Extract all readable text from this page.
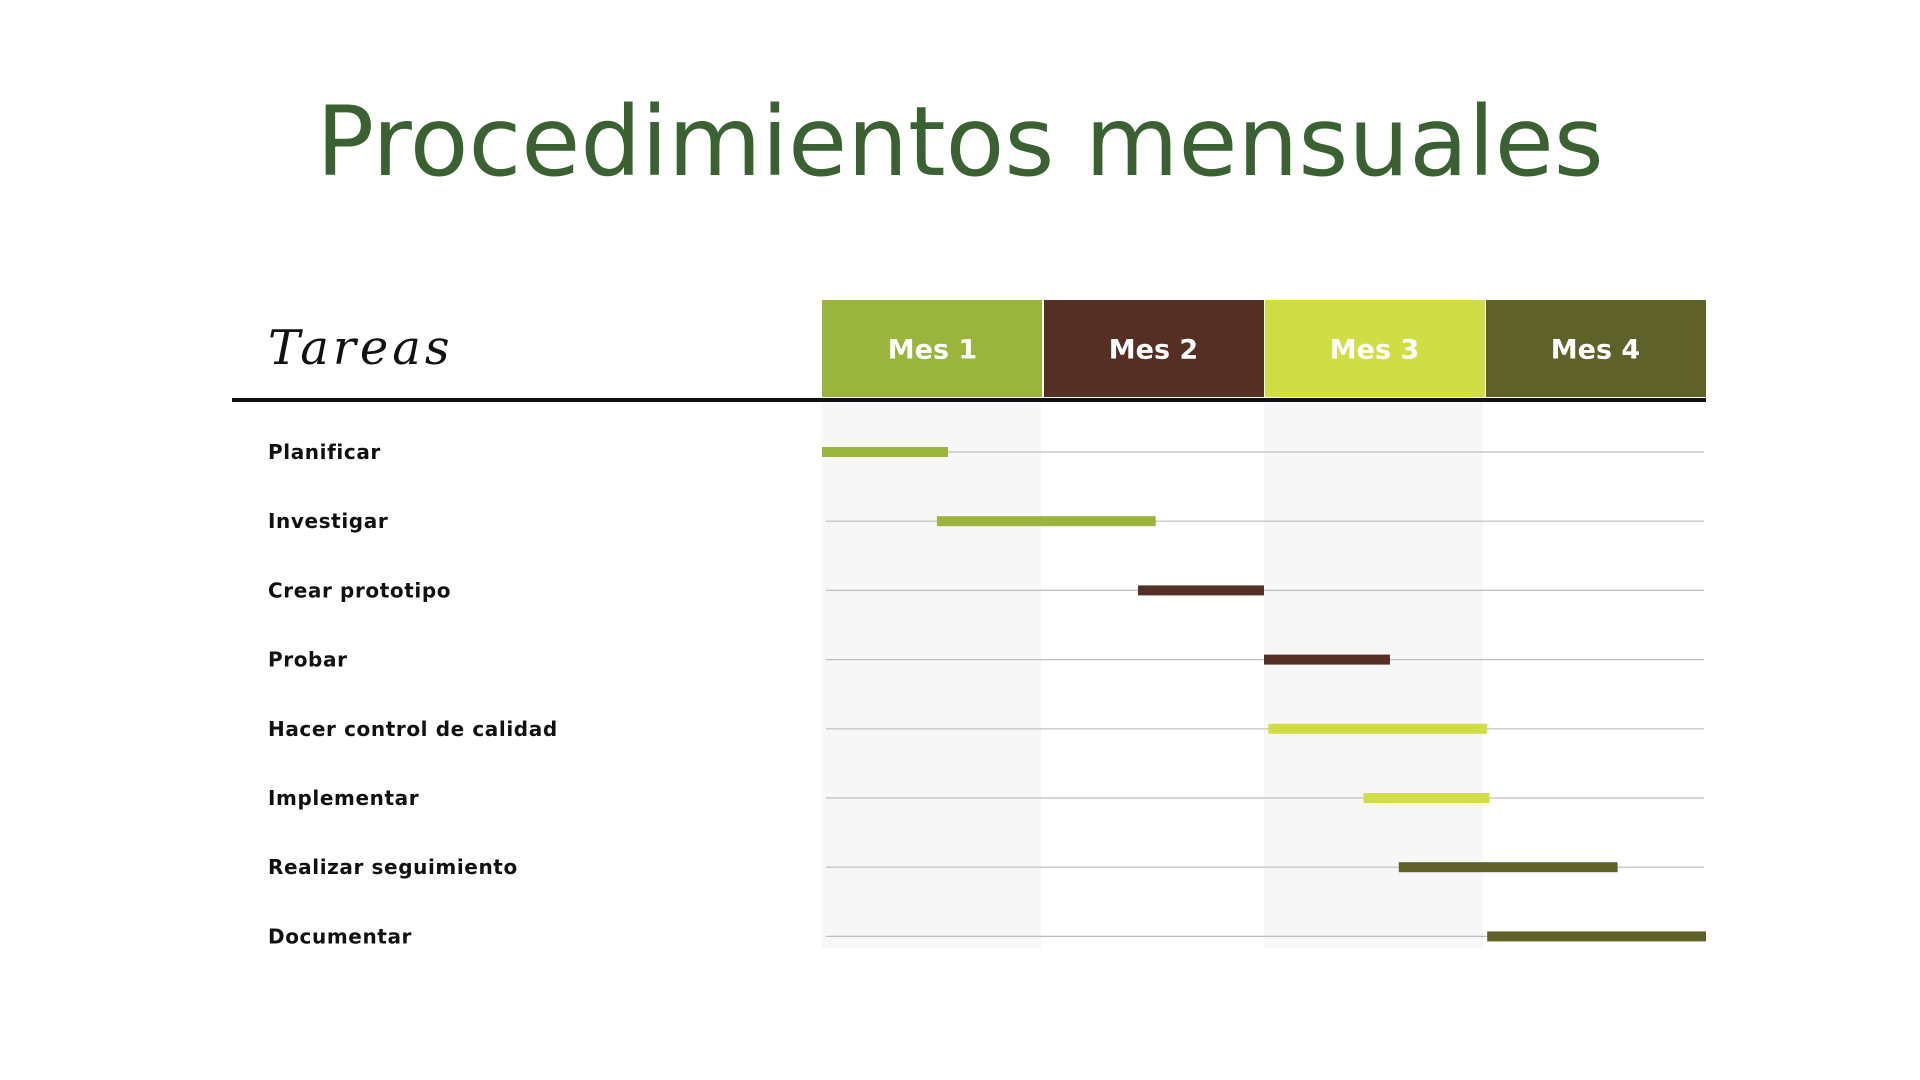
Procedimientos mensuales
Tareas	Mes 1	Mes 2	Mes 3	Mes 4
Planificar
Investigar
Crear prototipo
Probar
Hacer control de calidad
Implementar
Realizar seguimiento
Documentar
